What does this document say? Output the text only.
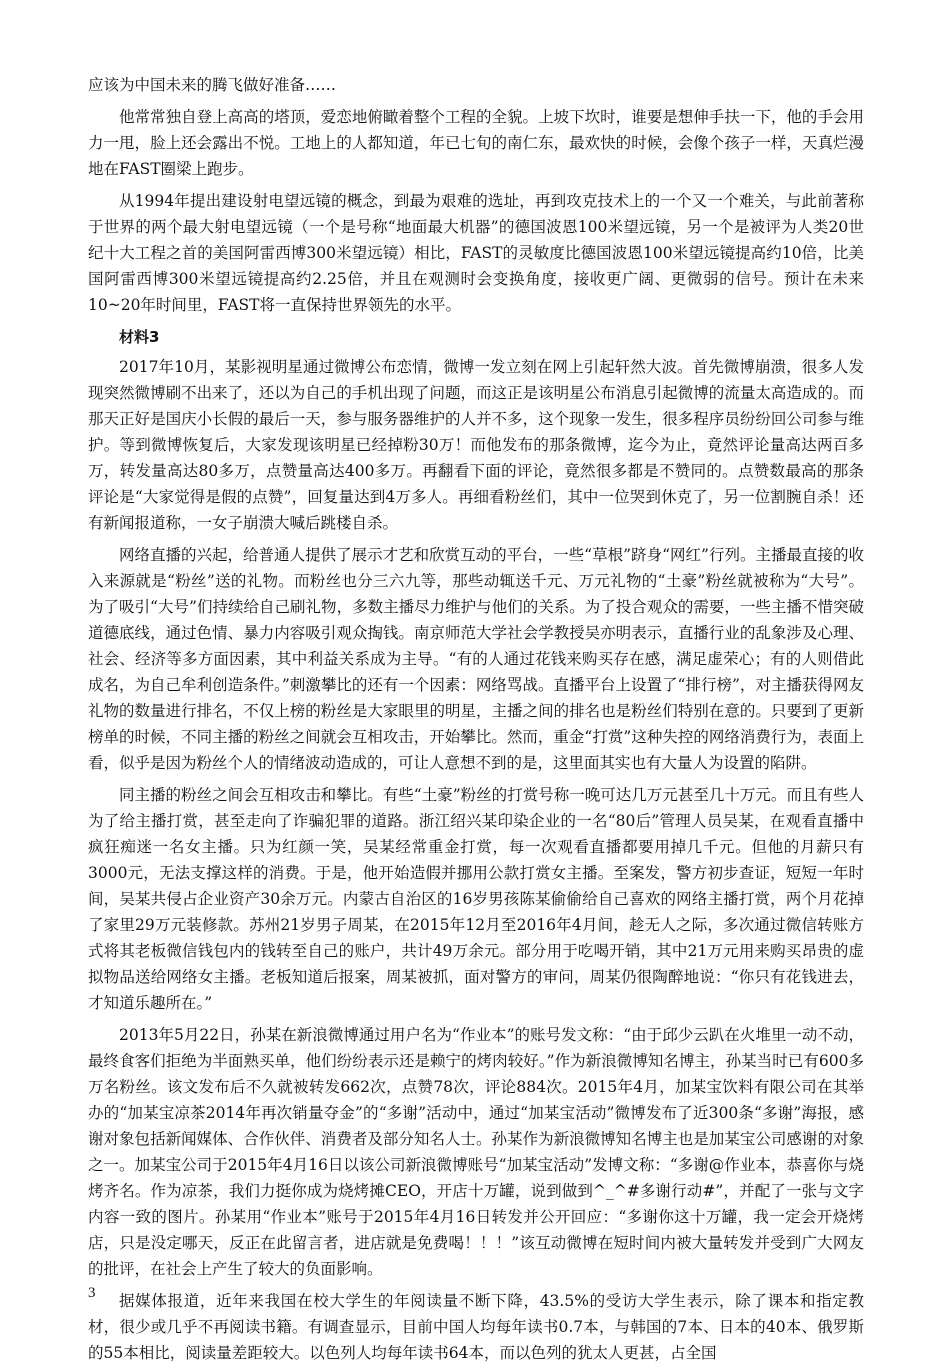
应该为中国未来的腾飞做好准备……

他常常独自登上高高的塔顶，爱恋地俯瞰着整个工程的全貌。上坡下坎时，谁要是想伸手扶一下，他的手会用力一甩，脸上还会露出不悦。工地上的人都知道，年已七旬的南仁东，最欢快的时候，会像个孩子一样，天真烂漫地在FAST圈梁上跑步。

从1994年提出建设射电望远镜的概念，到最为艰难的选址，再到攻克技术上的一个又一个难关，与此前著称于世界的两个最大射电望远镜（一个是号称“地面最大机器”的德国波恩100米望远镜，另一个是被评为人类20世纪十大工程之首的美国阿雷西博300米望远镜）相比，FAST的灵敏度比德国波恩100米望远镜提高约10倍，比美国阿雷西博300米望远镜提高约2.25倍，并且在观测时会变换角度，接收更广阔、更微弱的信号。预计在未来10~20年时间里，FAST将一直保持世界领先的水平。

材料3

2017年10月，某影视明星通过微博公布恋情，微博一发立刻在网上引起轩然大波。首先微博崩溃，很多人发现突然微博刷不出来了，还以为自己的手机出现了问题，而这正是该明星公布消息引起微博的流量太高造成的。而那天正好是国庆小长假的最后一天，参与服务器维护的人并不多，这个现象一发生，很多程序员纷纷回公司参与维护。等到微博恢复后，大家发现该明星已经掉粉30万！而他发布的那条微博，迄今为止，竟然评论量高达两百多万，转发量高达80多万，点赞量高达400多万。再翻看下面的评论，竟然很多都是不赞同的。点赞数最高的那条评论是“大家觉得是假的点赞”，回复量达到4万多人。再细看粉丝们，其中一位哭到休克了，另一位割腕自杀！还有新闻报道称，一女子崩溃大喊后跳楼自杀。

网络直播的兴起，给普通人提供了展示才艺和欣赏互动的平台，一些“草根”跻身“网红”行列。主播最直接的收入来源就是“粉丝”送的礼物。而粉丝也分三六九等，那些动辄送千元、万元礼物的“土豪”粉丝就被称为“大号”。为了吸引“大号”们持续给自己刷礼物，多数主播尽力维护与他们的关系。为了投合观众的需要，一些主播不惜突破道德底线，通过色情、暴力内容吸引观众掏钱。南京师范大学社会学教授吴亦明表示，直播行业的乱象涉及心理、社会、经济等多方面因素，其中利益关系成为主导。“有的人通过花钱来购买存在感，满足虚荣心；有的人则借此成名，为自己牟利创造条件。”刺激攀比的还有一个因素：网络骂战。直播平台上设置了“排行榜”，对主播获得网友礼物的数量进行排名，不仅上榜的粉丝是大家眼里的明星，主播之间的排名也是粉丝们特别在意的。只要到了更新榜单的时候，不同主播的粉丝之间就会互相攻击，开始攀比。然而，重金“打赏”这种失控的网络消费行为，表面上看，似乎是因为粉丝个人的情绪波动造成的，可让人意想不到的是，这里面其实也有大量人为设置的陷阱。

同主播的粉丝之间会互相攻击和攀比。有些“土豪”粉丝的打赏号称一晚可达几万元甚至几十万元。而且有些人为了给主播打赏，甚至走向了诈骗犯罪的道路。浙江绍兴某印染企业的一名“80后”管理人员吴某，在观看直播中疯狂痴迷一名女主播。只为红颜一笑，吴某经常重金打赏，每一次观看直播都要用掉几千元。但他的月薪只有3000元，无法支撑这样的消费。于是，他开始造假并挪用公款打赏女主播。至案发，警方初步查证，短短一年时间，吴某共侵占企业资产30余万元。内蒙古自治区的16岁男孩陈某偷偷给自己喜欢的网络主播打赏，两个月花掉了家里29万元装修款。苏州21岁男子周某，在2015年12月至2016年4月间，趁无人之际，多次通过微信转账方式将其老板微信钱包内的钱转至自己的账户，共计49万余元。部分用于吃喝开销，其中21万元用来购买昂贵的虚拟物品送给网络女主播。老板知道后报案，周某被抓，面对警方的审问，周某仍很陶醉地说：“你只有花钱进去，才知道乐趣所在。”

2013年5月22日，孙某在新浪微博通过用户名为“作业本”的账号发文称：“由于邱少云趴在火堆里一动不动，最终食客们拒绝为半面熟买单，他们纷纷表示还是赖宁的烤肉较好。”作为新浪微博知名博主，孙某当时已有600多万名粉丝。该文发布后不久就被转发662次，点赞78次，评论884次。2015年4月，加某宝饮料有限公司在其举办的“加某宝凉茶2014年再次销量夺金”的“多谢”活动中，通过“加某宝活动”微博发布了近300条“多谢”海报，感谢对象包括新闻媒体、合作伙伴、消费者及部分知名人士。孙某作为新浪微博知名博主也是加某宝公司感谢的对象之一。加某宝公司于2015年4月16日以该公司新浪微博账号“加某宝活动”发博文称：“多谢@作业本，恭喜你与烧烤齐名。作为凉茶，我们力挺你成为烧烤摊CEO，开店十万罐，说到做到^_^#多谢行动#”，并配了一张与文字内容一致的图片。孙某用“作业本”账号于2015年4月16日转发并公开回应：“多谢你这十万罐，我一定会开烧烤店，只是没定哪天，反正在此留言者，进店就是免费喝！！！”该互动微博在短时间内被大量转发并受到广大网友的批评，在社会上产生了较大的负面影响。

据媒体报道，近年来我国在校大学生的年阅读量不断下降，43.5%的受访大学生表示，除了课本和指定教材，很少或几乎不再阅读书籍。有调查显示，目前中国人均每年读书0.7本，与韩国的7本、日本的40本、俄罗斯的55本相比，阅读量差距较大。以色列人均每年读书64本，而以色列的犹太人更甚，占全国

3
